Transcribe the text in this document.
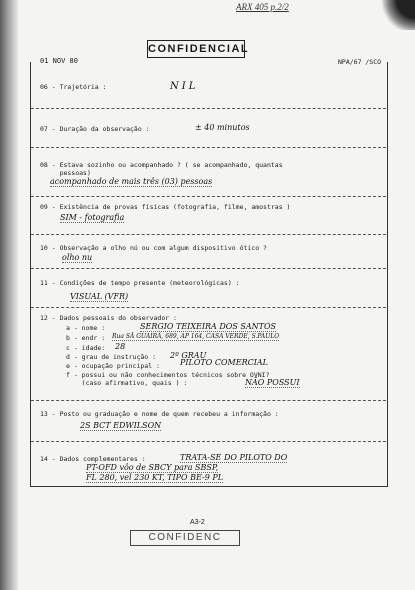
ARX 405 p.2/2
CONFIDENCIAL
01 NOV 80	NPA/67 /SCO
06 - Trajetória :	NIL
07 - Duração da observação :	± 40 minutos
08 - Estava sozinho ou acompanhado ? ( se acompanhado, quantas
pessoas)
acompanhado de mais três (03) pessoas
09 - Existência de provas físicas (fotografia, filme, amostras )
SIM - fotografia
10 - Observação a olho nú ou com algum dispositivo ótico ?
olho nu
11 - Condições de tempo presente (meteorológicas) :
VISUAL (VFR)
12 - Dados pessoais do observador :
a - nome :	SERGIO TEIXEIRA DOS SANTOS
b - endr : Rua SÃ GUAIRÁ, 689, AP 164, CASA VERDE, S.PAULO
c - idade: 28
d - grau de instrução : 2º GRAU
e - ocupação principal :	PILOTO COMERCIAL
f - possui ou não conhecimentos técnicos sobre OVNI?
(caso afirmativo, quais ) :	NÃO POSSUI
13 - Posto ou graduação e nome de quem recebeu a informação :
2S BCT EDWILSON
14 - Dados complementares :	TRATA-SE DO PILOTO DO
PT-OFD vôo de SBCY para SBSP,
FL 280, vel 230 KT, TIPO BE-9 PL
A3-2
CONFIDENC
